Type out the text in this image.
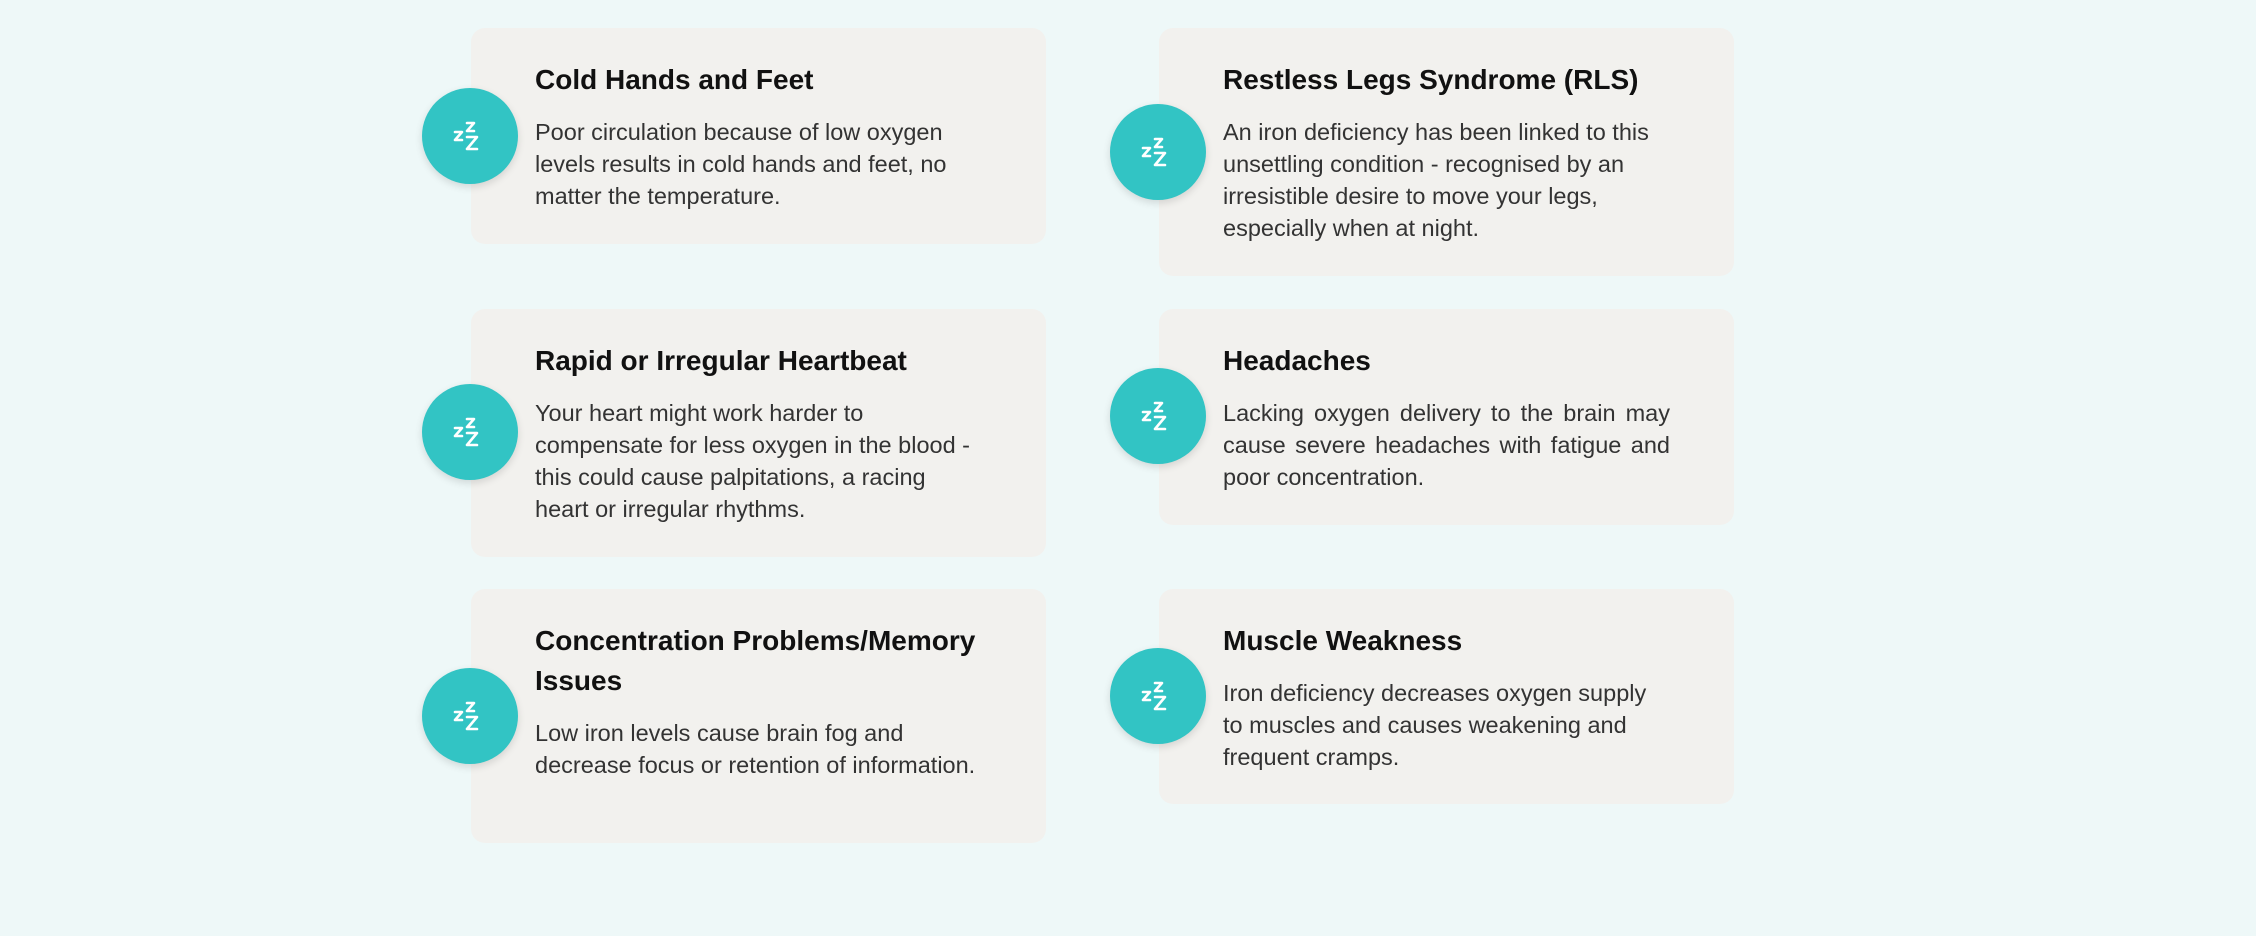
Cold Hands and Feet

Poor circulation because of low oxygen levels results in cold hands and feet, no matter the temperature.

Restless Legs Syndrome (RLS)

An iron deficiency has been linked to this unsettling condition - recognised by an irresistible desire to move your legs, especially when at night.

Rapid or Irregular Heartbeat

Your heart might work harder to compensate for less oxygen in the blood - this could cause palpitations, a racing heart or irregular rhythms.

Headaches

Lacking oxygen delivery to the brain may cause severe headaches with fatigue and poor concentration.

Concentration Problems/Memory Issues

Low iron levels cause brain fog and decrease focus or retention of information.

Muscle Weakness

Iron deficiency decreases oxygen supply to muscles and causes weakening and frequent cramps.
